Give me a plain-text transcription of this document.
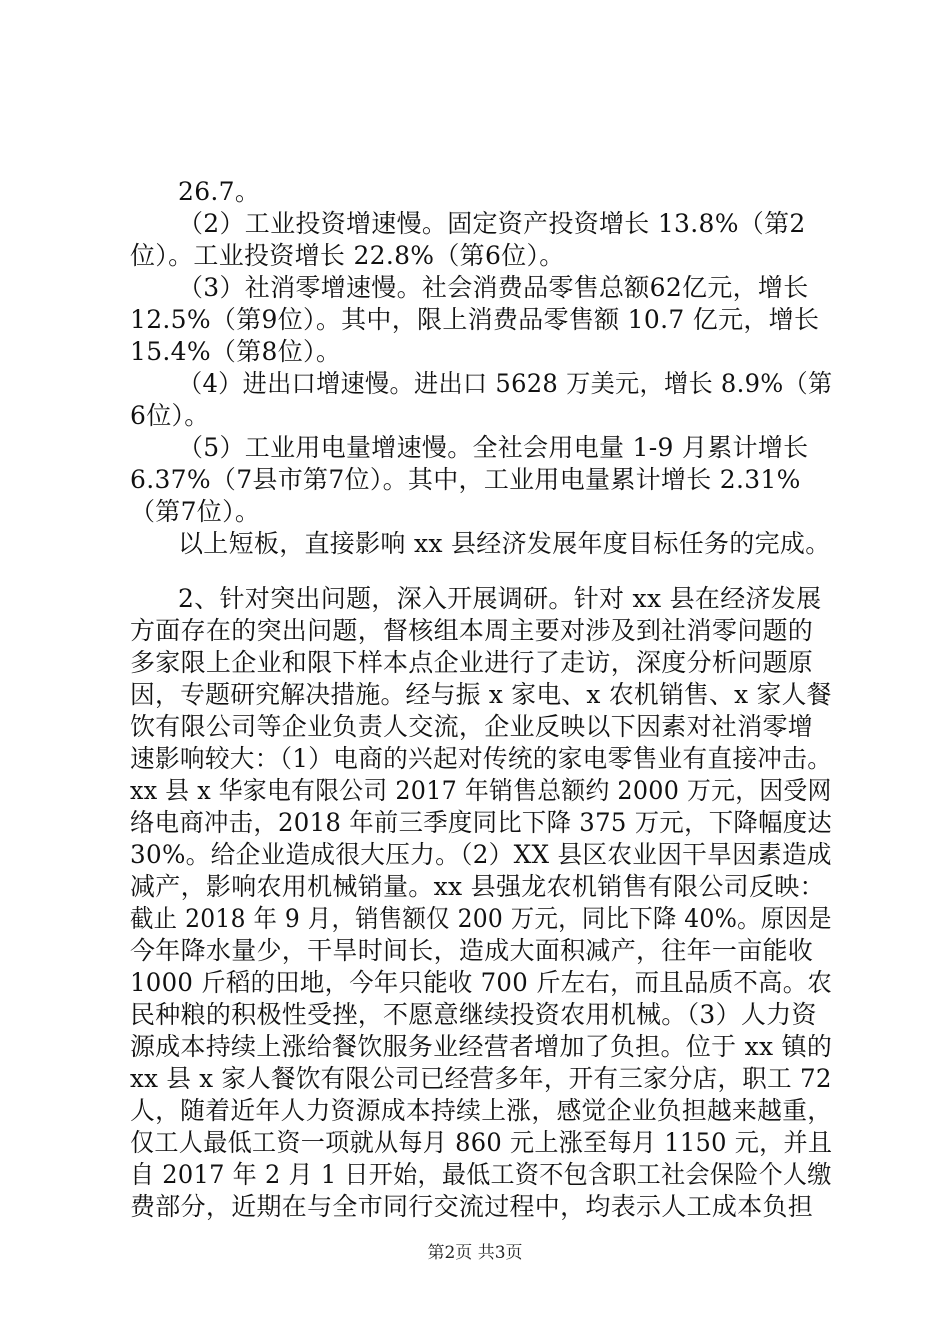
26.7。
（2）工业投资增速慢。固定资产投资增长 13.8%（第2
位）。工业投资增长 22.8%（第6位）。
（3）社消零增速慢。社会消费品零售总额62亿元，增长
12.5%（第9位）。其中，限上消费品零售额 10.7 亿元，增长
15.4%（第8位）。
（4）进出口增速慢。进出口 5628 万美元，增长 8.9%（第
6位）。
（5）工业用电量增速慢。全社会用电量 1-9 月累计增长
6.37%（7县市第7位）。其中，工业用电量累计增长 2.31%
（第7位）。
以上短板，直接影响 xx 县经济发展年度目标任务的完成。
2、针对突出问题，深入开展调研。针对 xx 县在经济发展
方面存在的突出问题，督核组本周主要对涉及到社消零问题的
多家限上企业和限下样本点企业进行了走访，深度分析问题原
因，专题研究解决措施。经与振 x 家电、x 农机销售、x 家人餐
饮有限公司等企业负责人交流，企业反映以下因素对社消零增
速影响较大：（1）电商的兴起对传统的家电零售业有直接冲击。
xx 县 x 华家电有限公司 2017 年销售总额约 2000 万元，因受网
络电商冲击，2018 年前三季度同比下降 375 万元，下降幅度达
30%。给企业造成很大压力。（2）XX 县区农业因干旱因素造成
减产，影响农用机械销量。xx 县强龙农机销售有限公司反映：
截止 2018 年 9 月，销售额仅 200 万元，同比下降 40%。原因是
今年降水量少，干旱时间长，造成大面积减产，往年一亩能收
1000 斤稻的田地，今年只能收 700 斤左右，而且品质不高。农
民种粮的积极性受挫，不愿意继续投资农用机械。（3）人力资
源成本持续上涨给餐饮服务业经营者增加了负担。位于 xx 镇的
xx 县 x 家人餐饮有限公司已经营多年，开有三家分店，职工 72
人，随着近年人力资源成本持续上涨，感觉企业负担越来越重，
仅工人最低工资一项就从每月 860 元上涨至每月 1150 元，并且
自 2017 年 2 月 1 日开始，最低工资不包含职工社会保险个人缴
费部分，近期在与全市同行交流过程中，均表示人工成本负担
第2页 共3页
